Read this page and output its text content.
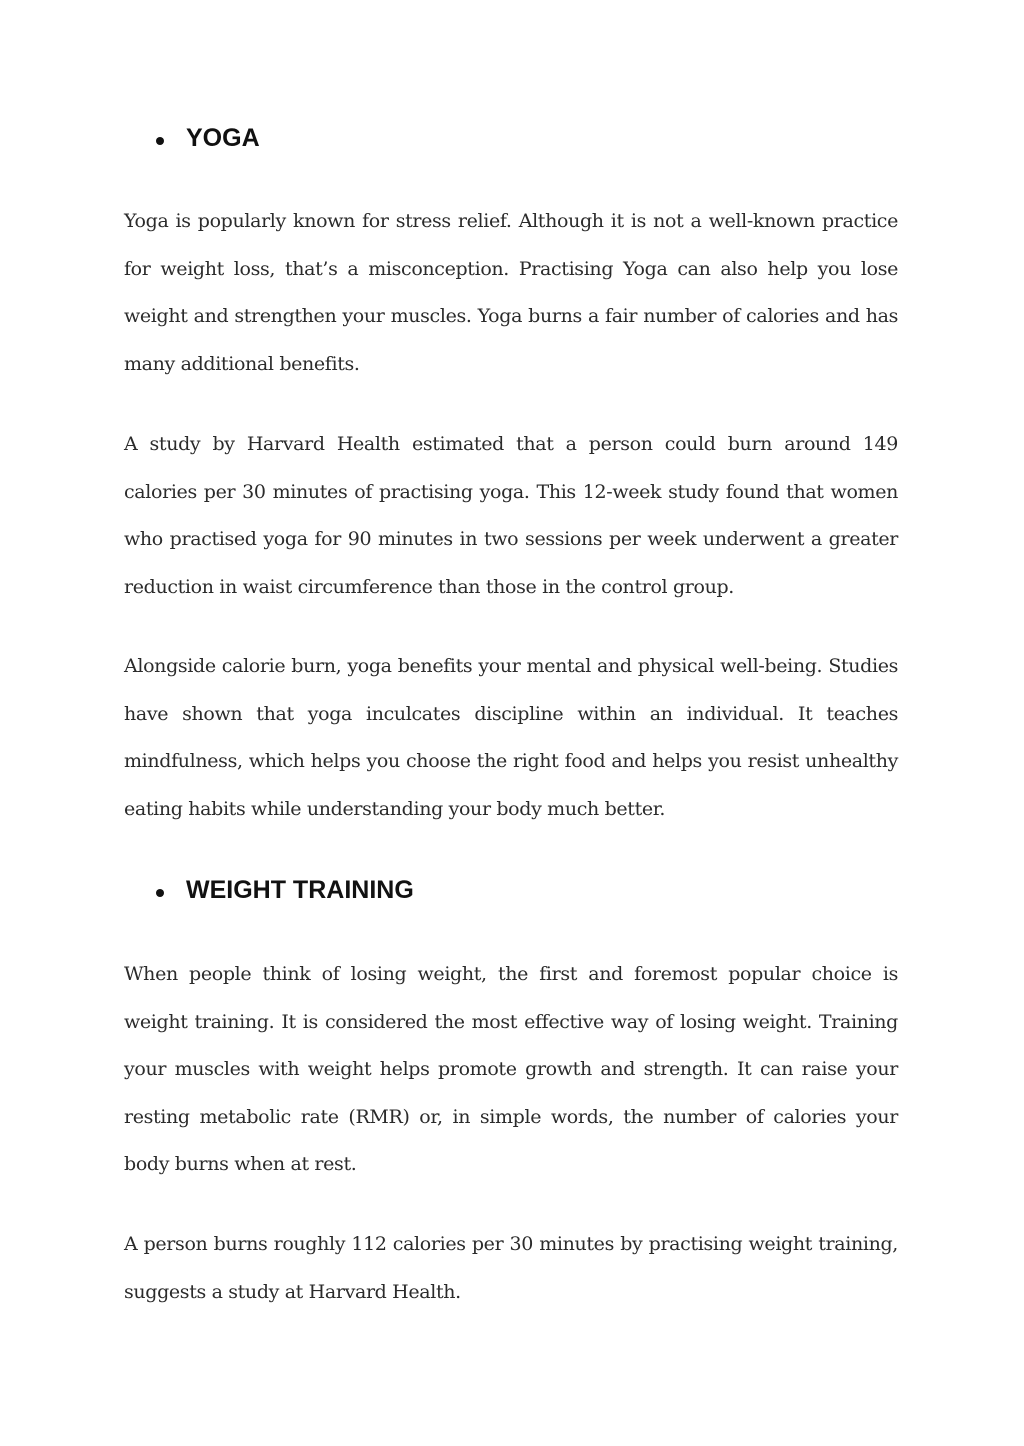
YOGA

Yoga is popularly known for stress relief. Although it is not a well-known practice for weight loss, that’s a misconception. Practising Yoga can also help you lose weight and strengthen your muscles. Yoga burns a fair number of calories and has many additional benefits.

A study by Harvard Health estimated that a person could burn around 149 calories per 30 minutes of practising yoga. This 12-week study found that women who practised yoga for 90 minutes in two sessions per week underwent a greater reduction in waist circumference than those in the control group.

Alongside calorie burn, yoga benefits your mental and physical well-being. Studies have shown that yoga inculcates discipline within an individual. It teaches mindfulness, which helps you choose the right food and helps you resist unhealthy eating habits while understanding your body much better.

WEIGHT TRAINING

When people think of losing weight, the first and foremost popular choice is weight training. It is considered the most effective way of losing weight. Training your muscles with weight helps promote growth and strength. It can raise your resting metabolic rate (RMR) or, in simple words, the number of calories your body burns when at rest.

A person burns roughly 112 calories per 30 minutes by practising weight training, suggests a study at Harvard Health.
